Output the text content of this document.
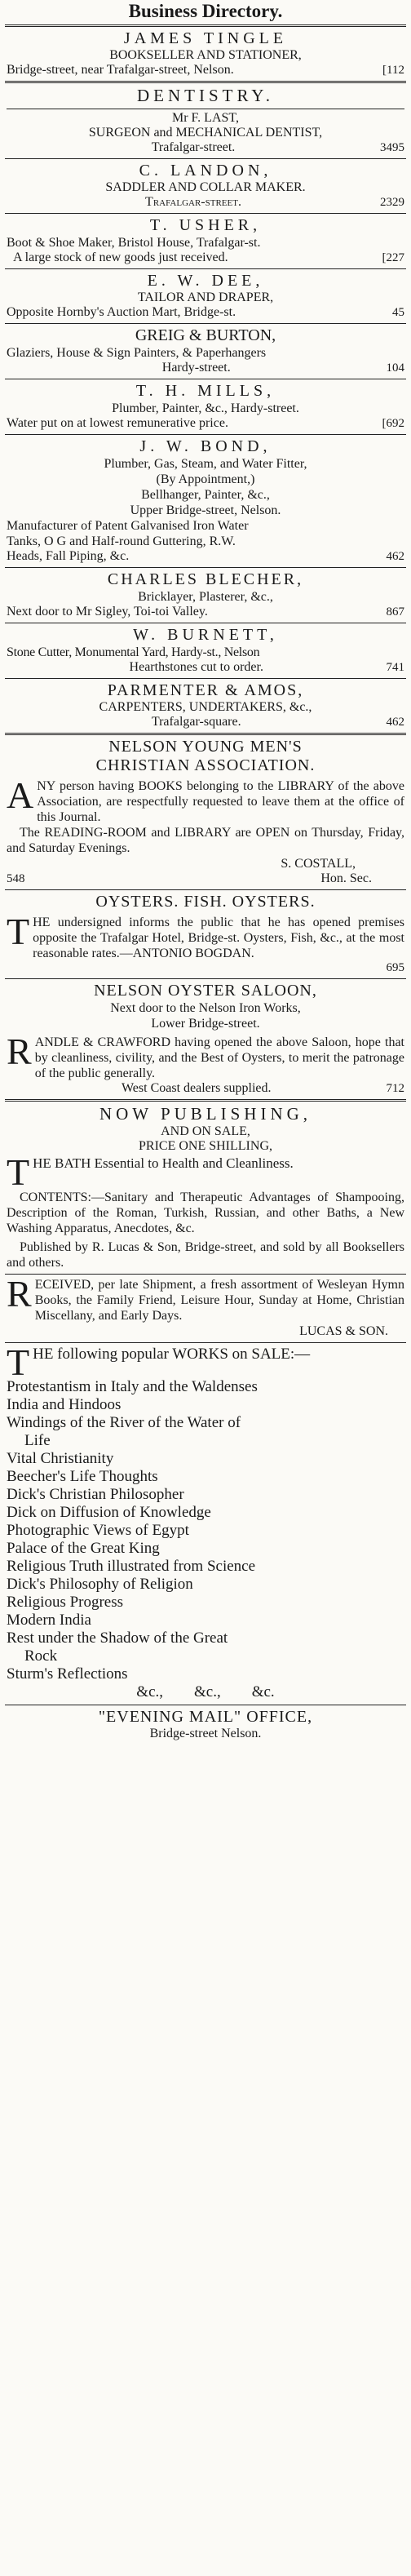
Business Directory.
JAMES TINGLE
BOOKSELLER AND STATIONER,
Bridge-street, near Trafalgar-street, Nelson.	[112
DENTISTRY.
Mr F. LAST,
SURGEON and MECHANICAL DENTIST,
Trafalgar-street.	3495
C. LANDON,
SADDLER AND COLLAR MAKER.
Trafalgar-street.	2329
T. USHER,
Boot & Shoe Maker, Bristol House, Trafalgar-st.
A large stock of new goods just received.	[227
E. W. DEE,
TAILOR AND DRAPER,
Opposite Hornby's Auction Mart, Bridge-st.	45
GREIG & BURTON,
Glaziers, House & Sign Painters, & Paperhangers
Hardy-street.	104
T. H. MILLS,
Plumber, Painter, &c., Hardy-street.
Water put on at lowest remunerative price.	[692
J. W. BOND,
Plumber, Gas, Steam, and Water Fitter,
(By Appointment,)
Bellhanger, Painter, &c.,
Upper Bridge-street, Nelson.
Manufacturer of Patent Galvanised Iron Water
Tanks, O G and Half-round Guttering, R.W.
Heads, Fall Piping, &c.	462
CHARLES BLECHER,
Bricklayer, Plasterer, &c.,
Next door to Mr Sigley, Toi-toi Valley.	867
W. BURNETT,
Stone Cutter, Monumental Yard, Hardy-st., Nelson
Hearthstones cut to order.	741
PARMENTER & AMOS,
CARPENTERS, UNDERTAKERS, &c.,
Trafalgar-square.	462
NELSON YOUNG MEN'S
CHRISTIAN ASSOCIATION.
A NY person having BOOKS belonging to the LIBRARY of the above Association, are respectfully requested to leave them at the office of this Journal.
The READING-ROOM and LIBRARY are OPEN on Thursday, Friday, and Saturday Evenings.
S. COSTALL,
548	Hon. Sec.
OYSTERS. FISH. OYSTERS.
T HE undersigned informs the public that he has opened premises opposite the Trafalgar Hotel, Bridge-st. Oysters, Fish, &c., at the most reasonable rates.—ANTONIO BOGDAN.
695
NELSON OYSTER SALOON,
Next door to the Nelson Iron Works,
Lower Bridge-street.
R ANDLE & CRAWFORD having opened the above Saloon, hope that by cleanliness, civility, and the Best of Oysters, to merit the patronage of the public generally.
West Coast dealers supplied.	712
NOW PUBLISHING,
AND ON SALE,
PRICE ONE SHILLING,
T HE BATH Essential to Health and Cleanliness.
CONTENTS:—Sanitary and Therapeutic Advantages of Shampooing, Description of the Roman, Turkish, Russian, and other Baths, a New Washing Apparatus, Anecdotes, &c.
Published by R. Lucas & Son, Bridge-street, and sold by all Booksellers and others.
R ECEIVED, per late Shipment, a fresh assortment of Wesleyan Hymn Books, the Family Friend, Leisure Hour, Sunday at Home, Christian Miscellany, and Early Days.
LUCAS & SON.
T HE following popular WORKS on SALE:—
Protestantism in Italy and the Waldenses
India and Hindoos
Windings of the River of the Water of
Life
Vital Christianity
Beecher's Life Thoughts
Dick's Christian Philosopher
Dick on Diffusion of Knowledge
Photographic Views of Egypt
Palace of the Great King
Religious Truth illustrated from Science
Dick's Philosophy of Religion
Religious Progress
Modern India
Rest under the Shadow of the Great
Rock
Sturm's Reflections
&c.,        &c.,        &c.
"EVENING MAIL" OFFICE,
Bridge-street Nelson.
